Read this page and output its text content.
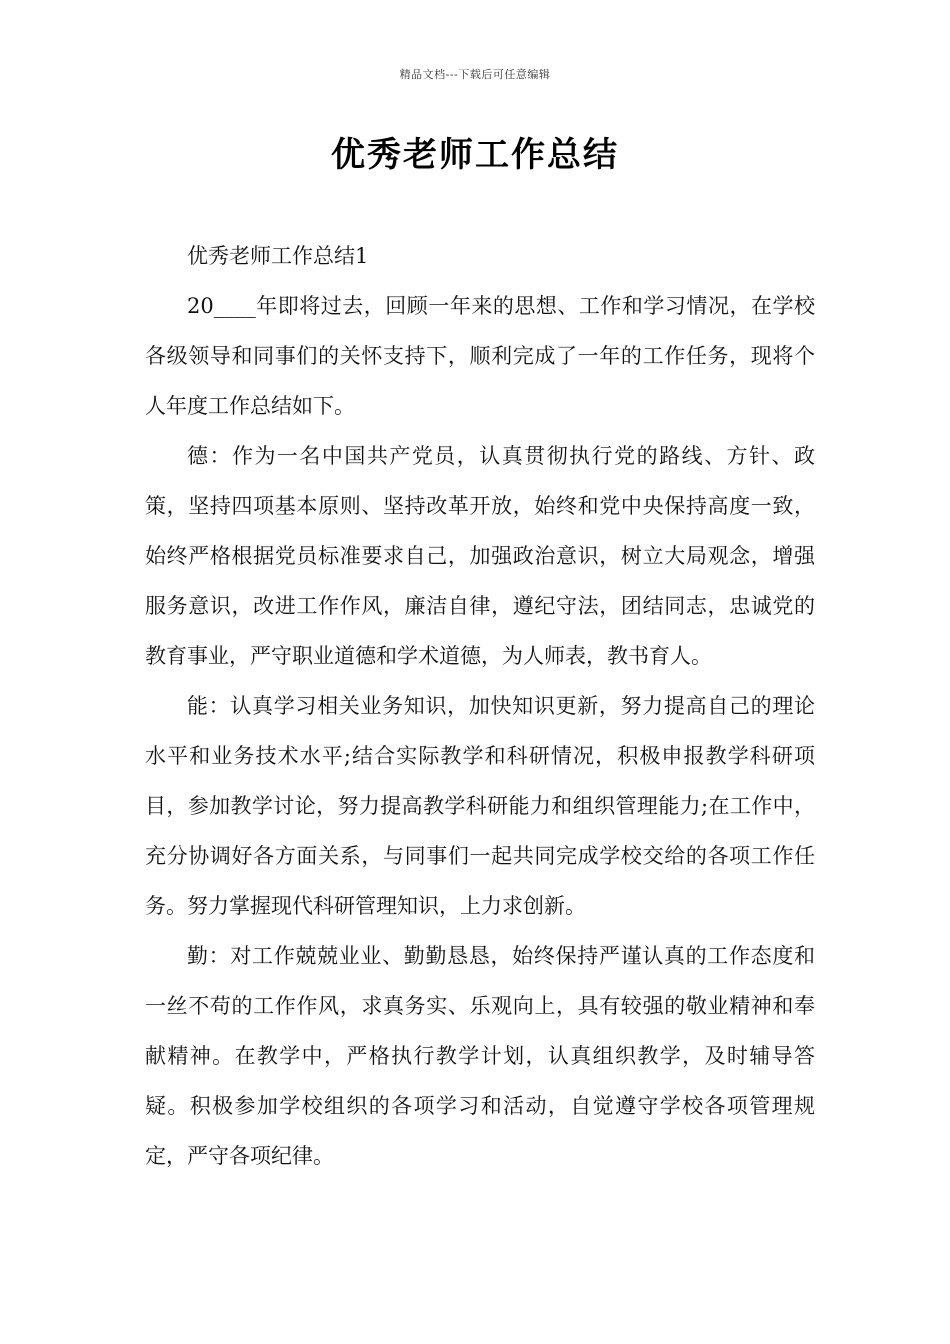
精品文档---下载后可任意编辑
优秀老师工作总结

优秀老师工作总结1

20____年即将过去，回顾一年来的思想、工作和学习情况，在学校各级领导和同事们的关怀支持下，顺利完成了一年的工作任务，现将个人年度工作总结如下。

德：作为一名中国共产党员，认真贯彻执行党的路线、方针、政策，坚持四项基本原则、坚持改革开放，始终和党中央保持高度一致，始终严格根据党员标准要求自己，加强政治意识，树立大局观念，增强服务意识，改进工作作风，廉洁自律，遵纪守法，团结同志，忠诚党的教育事业，严守职业道德和学术道德，为人师表，教书育人。

能：认真学习相关业务知识，加快知识更新，努力提高自己的理论水平和业务技术水平;结合实际教学和科研情况，积极申报教学科研项目，参加教学讨论，努力提高教学科研能力和组织管理能力;在工作中，充分协调好各方面关系，与同事们一起共同完成学校交给的各项工作任务。努力掌握现代科研管理知识，上力求创新。

勤：对工作兢兢业业、勤勤恳恳，始终保持严谨认真的工作态度和一丝不苟的工作作风，求真务实、乐观向上，具有较强的敬业精神和奉献精神。在教学中，严格执行教学计划，认真组织教学，及时辅导答疑。积极参加学校组织的各项学习和活动，自觉遵守学校各项管理规定，严守各项纪律。
